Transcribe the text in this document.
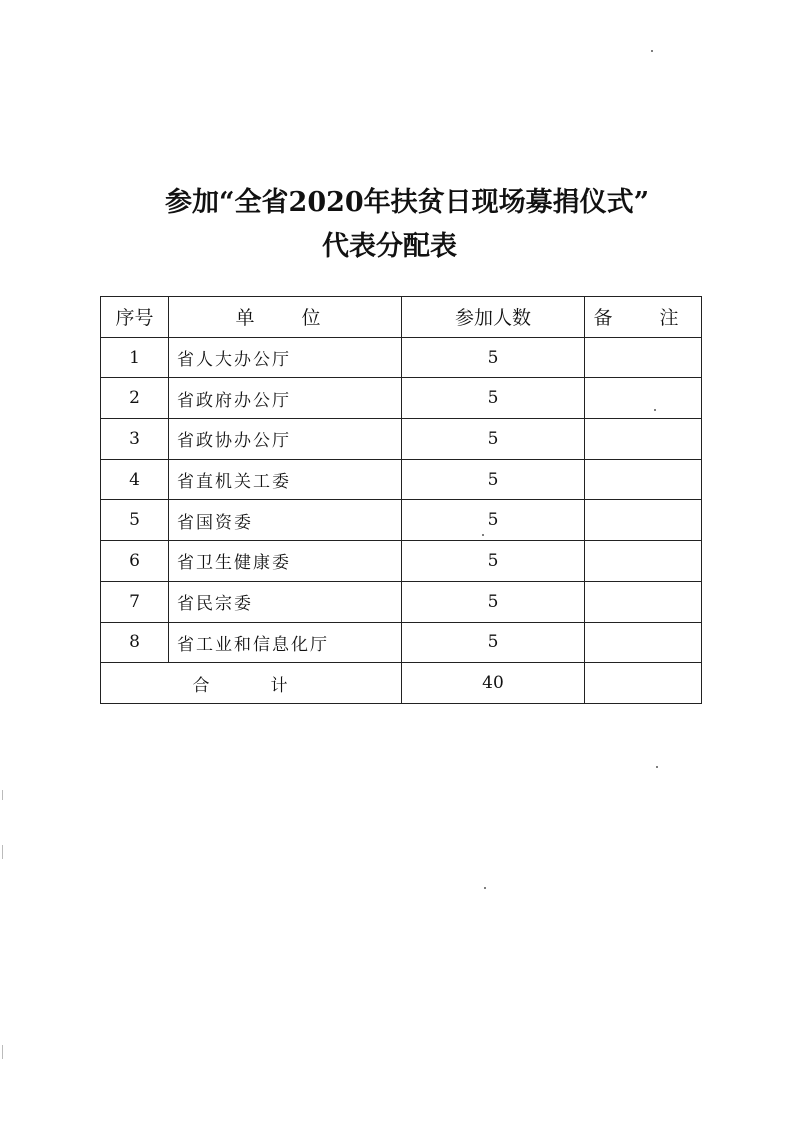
参加“全省2020年扶贫日现场募捐仪式”
代表分配表
序号	单　位	参加人数	备　注
1	省人大办公厅	5	
2	省政府办公厅	5	
3	省政协办公厅	5	
4	省直机关工委	5	
5	省国资委	5	
6	省卫生健康委	5	
7	省民宗委	5	
8	省工业和信息化厅	5	
合　计		40	
